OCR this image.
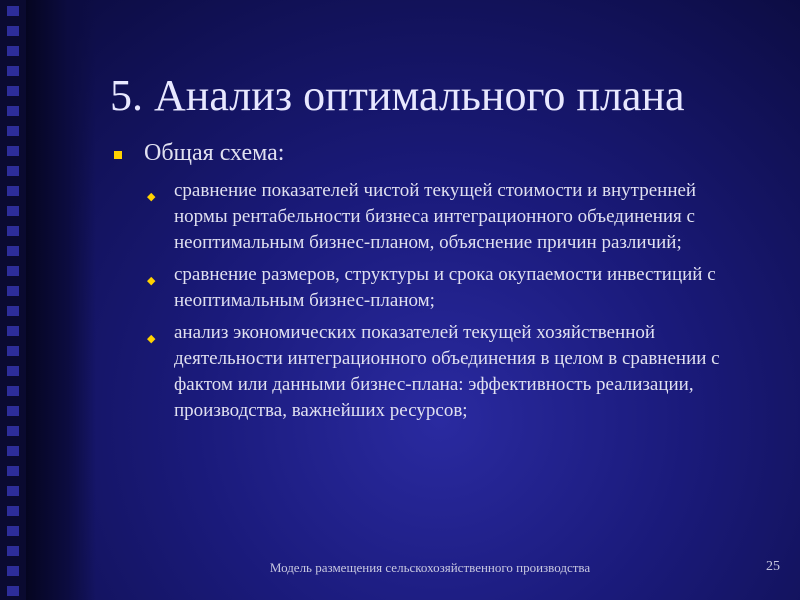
5. Анализ оптимального плана
Общая схема:
◆ сравнение показателей чистой текущей стоимости и внутренней нормы рентабельности бизнеса интеграционного объединения с неоптимальным бизнес-планом, объяснение причин различий;
◆ сравнение размеров, структуры и срока окупаемости инвестиций с неоптимальным бизнес-планом;
◆ анализ экономических показателей текущей хозяйственной деятельности интеграционного объединения в целом в сравнении с фактом или данными бизнес-плана: эффективность реализации, производства, важнейших ресурсов;
Модель размещения сельскохозяйственного производства	25
